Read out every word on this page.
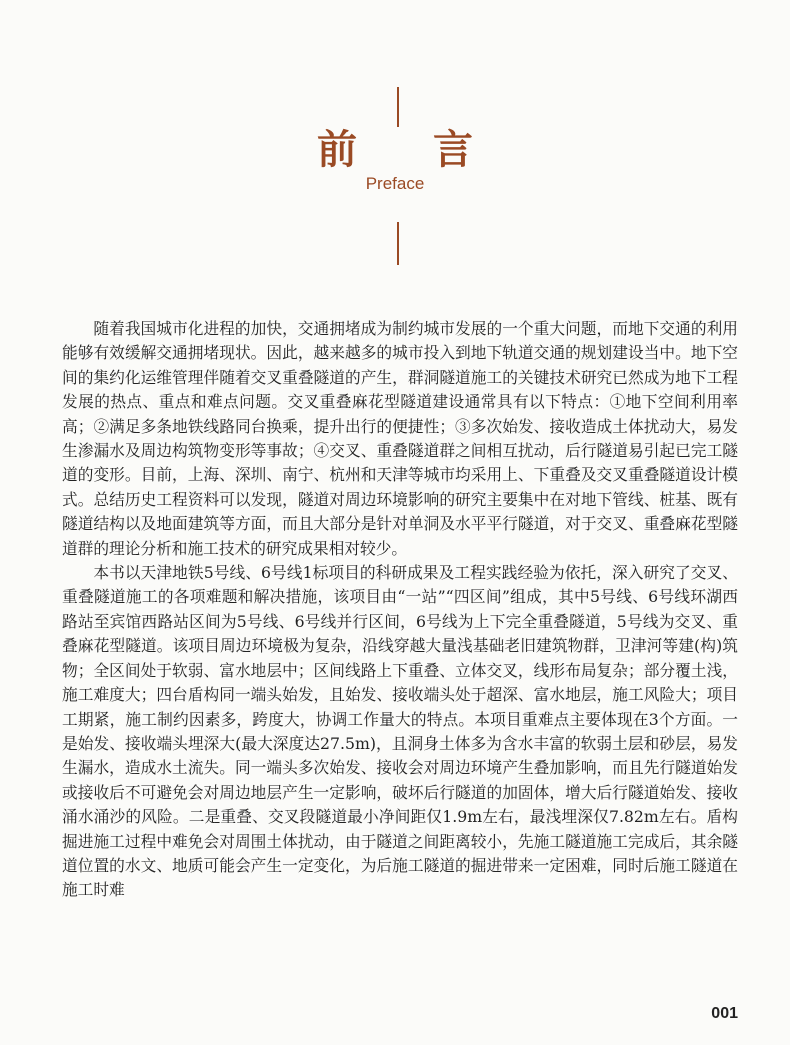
前言
Preface

随着我国城市化进程的加快，交通拥堵成为制约城市发展的一个重大问题，而地下交通的利用能够有效缓解交通拥堵现状。因此，越来越多的城市投入到地下轨道交通的规划建设当中。地下空间的集约化运维管理伴随着交叉重叠隧道的产生，群洞隧道施工的关键技术研究已然成为地下工程发展的热点、重点和难点问题。交叉重叠麻花型隧道建设通常具有以下特点：①地下空间利用率高；②满足多条地铁线路同台换乘，提升出行的便捷性；③多次始发、接收造成土体扰动大，易发生渗漏水及周边构筑物变形等事故；④交叉、重叠隧道群之间相互扰动，后行隧道易引起已完工隧道的变形。目前，上海、深圳、南宁、杭州和天津等城市均采用上、下重叠及交叉重叠隧道设计模式。总结历史工程资料可以发现，隧道对周边环境影响的研究主要集中在对地下管线、桩基、既有隧道结构以及地面建筑等方面，而且大部分是针对单洞及水平平行隧道，对于交叉、重叠麻花型隧道群的理论分析和施工技术的研究成果相对较少。

本书以天津地铁5号线、6号线1标项目的科研成果及工程实践经验为依托，深入研究了交叉、重叠隧道施工的各项难题和解决措施，该项目由“一站”“四区间”组成，其中5号线、6号线环湖西路站至宾馆西路站区间为5号线、6号线并行区间，6号线为上下完全重叠隧道，5号线为交叉、重叠麻花型隧道。该项目周边环境极为复杂，沿线穿越大量浅基础老旧建筑物群，卫津河等建(构)筑物；全区间处于软弱、富水地层中；区间线路上下重叠、立体交叉，线形布局复杂；部分覆土浅，施工难度大；四台盾构同一端头始发，且始发、接收端头处于超深、富水地层，施工风险大；项目工期紧，施工制约因素多，跨度大，协调工作量大的特点。本项目重难点主要体现在3个方面。一是始发、接收端头埋深大(最大深度达27.5m)，且洞身土体多为含水丰富的软弱土层和砂层，易发生漏水，造成水土流失。同一端头多次始发、接收会对周边环境产生叠加影响，而且先行隧道始发或接收后不可避免会对周边地层产生一定影响，破坏后行隧道的加固体，增大后行隧道始发、接收涌水涌沙的风险。二是重叠、交叉段隧道最小净间距仅1.9m左右，最浅埋深仅7.82m左右。盾构掘进施工过程中难免会对周围土体扰动，由于隧道之间距离较小，先施工隧道施工完成后，其余隧道位置的水文、地质可能会产生一定变化，为后施工隧道的掘进带来一定困难，同时后施工隧道在施工时难

001
